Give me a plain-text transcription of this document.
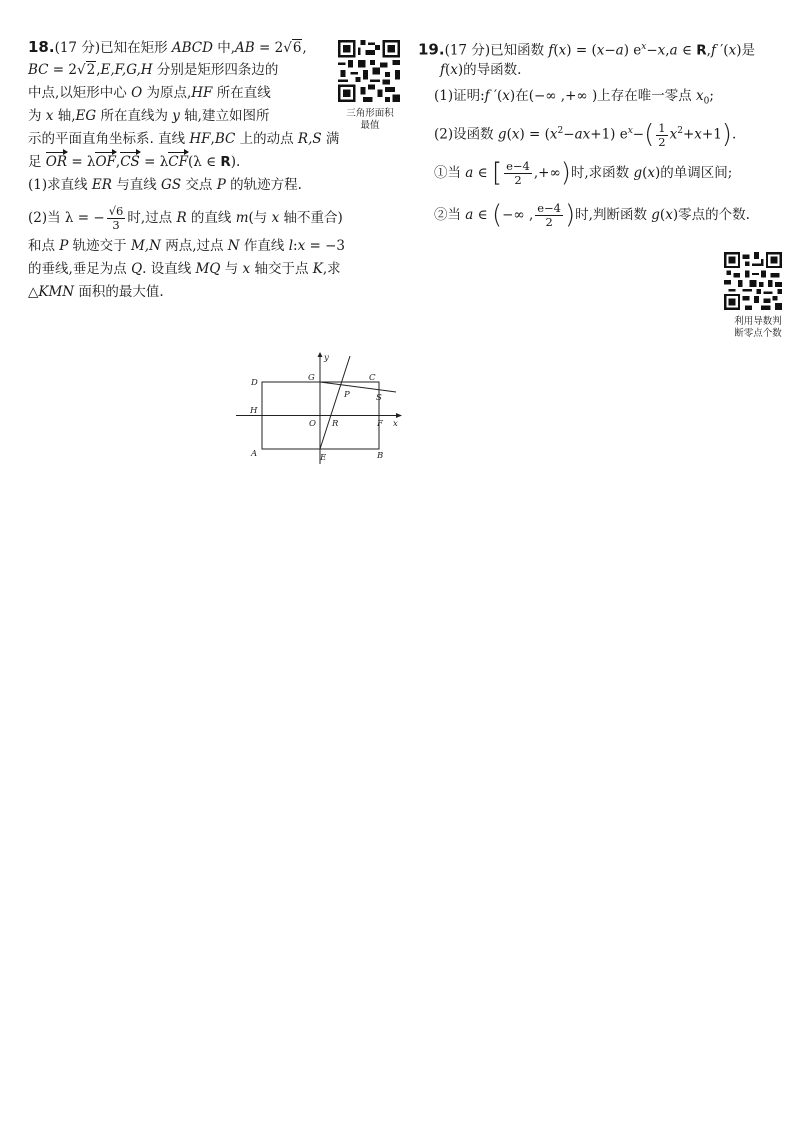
18.(17 分)已知在矩形 ABCD 中,AB = 2√6,
BC = 2√2,E,F,G,H 分别是矩形四条边的
中点,以矩形中心 O 为原点,HF 所在直线
为 x 轴,EG 所在直线为 y 轴,建立如图所
示的平面直角坐标系. 直线 HF,BC 上的动点 R,S 满
足 OR = λOF,CS = λCF(λ ∈ R).
(1)求直线 ER 与直线 GS 交点 P 的轨迹方程.
(2)当 λ = − $\frac{√6}{3}$ 时,过点 R 的直线 m(与 x 轴不重合)
和点 P 轨迹交于 M,N 两点,过点 N 作直线 l:x = −3
的垂线,垂足为点 Q. 设直线 MQ 与 x 轴交于点 K,求
△KMN 面积的最大值.
三角形面积
最值
D	G	C
P	S
H
O R	F
A	E	B
x
y
19.(17 分)已知函数 f(x) = (x−a) $e^x-x,a$ ∈ R,f ′(x)是
f(x)的导函数.
(1)证明:f ′(x)在(−∞ ,+∞ )上存在唯一零点 $x_0$;
(2)设函数 $g(x) = (x^2-ax+1)$ $e^x-( \frac{1}{2} x^2+x+1)$.
①当 a ∈ [ $\frac{e-4}{2}$ ,+∞)时,求函数 g(x)的单调区间;
②当 a ∈ (−∞ , $\frac{e-4}{2}$ )时,判断函数 g(x)零点的个数.
利用导数判
断零点个数
